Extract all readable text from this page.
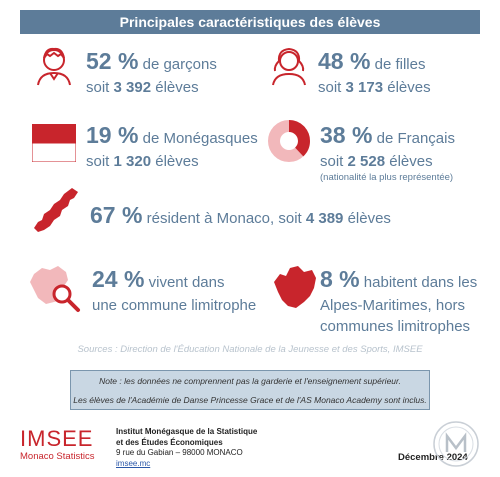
Principales caractéristiques des élèves
52 % de garçons
soit 3 392 élèves
48 % de filles
soit 3 173 élèves
19 % de Monégasques
soit 1 320 élèves
38 % de Français
soit 2 528 élèves
(nationalité la plus représentée)
67 % résident à Monaco, soit 4 389 élèves
24 % vivent dans
une commune limitrophe
8 % habitent dans les
Alpes-Maritimes, hors
communes limitrophes
Sources : Direction de l'Éducation Nationale de la Jeunesse et des Sports, IMSEE
Note : les données ne comprennent pas la garderie et l'enseignement supérieur.
Les élèves de l'Académie de Danse Princesse Grace et de l'AS Monaco Academy sont inclus.
IMSEE
Monaco Statistics
Institut Monégasque de la Statistique
et des Études Économiques
9 rue du Gabian – 98000 MONACO
imsee.mc	Décembre 2024
